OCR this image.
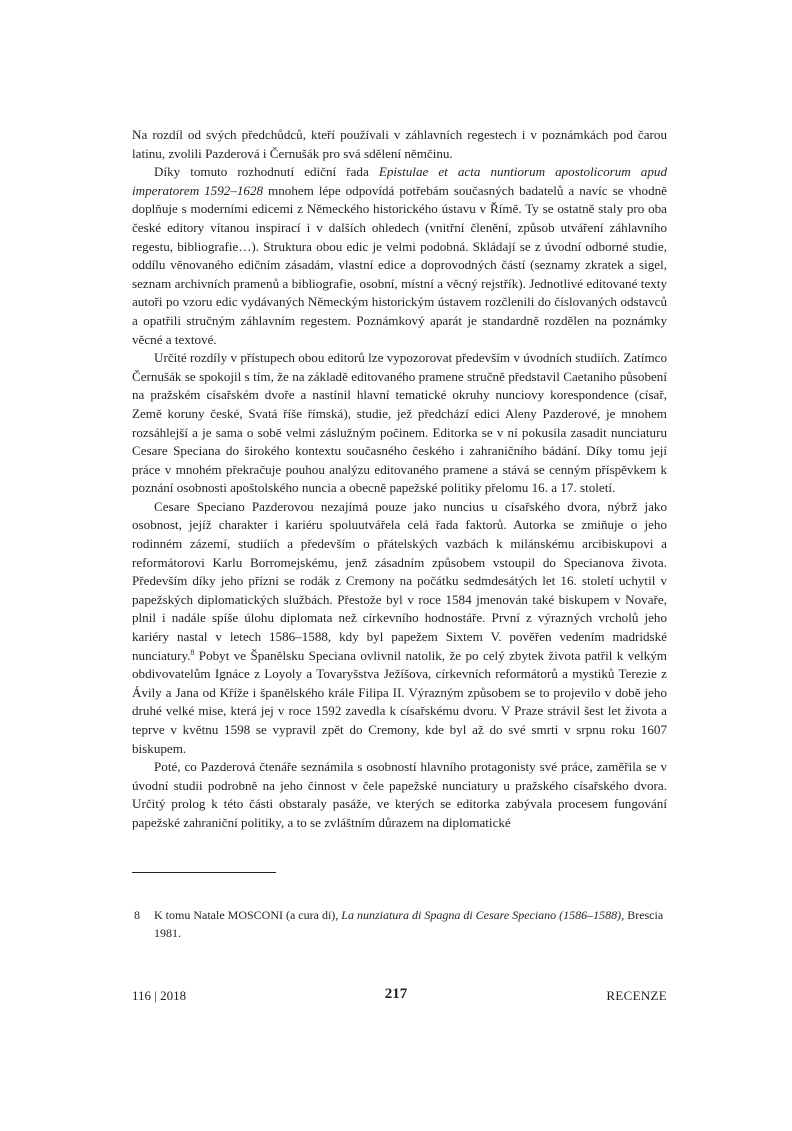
Na rozdíl od svých předchůdců, kteří používali v záhlavních regestech i v poznámkách pod čarou latinu, zvolili Pazderová i Černušák pro svá sdělení němčinu.

Díky tomuto rozhodnutí ediční řada Epistulae et acta nuntiorum apostolicorum apud imperatorem 1592–1628 mnohem lépe odpovídá potřebám současných badatelů a navíc se vhodně doplňuje s moderními edicemi z Německého historického ústavu v Římě. Ty se ostatně staly pro oba české editory vítanou inspirací i v dalších ohledech (vnitřní členění, způsob utváření záhlavního regestu, bibliografie…). Struktura obou edic je velmi podobná. Skládají se z úvodní odborné studie, oddílu věnovaného edičním zásadám, vlastní edice a doprovodných částí (seznamy zkratek a sigel, seznam archivních pramenů a bibliografie, osobní, místní a věcný rejstřík). Jednotlivé editované texty autoři po vzoru edic vydávaných Německým historickým ústavem rozčlenili do číslovaných odstavců a opatřili stručným záhlavním regestem. Poznámkový aparát je standardně rozdělen na poznámky věcné a textové.

Určité rozdíly v přístupech obou editorů lze vypozorovat především v úvodních studiích. Zatímco Černušák se spokojil s tím, že na základě editovaného pramene stručně představil Caetaniho působení na pražském císařském dvoře a nastínil hlavní tematické okruhy nunciovy korespondence (císař, Země koruny české, Svatá říše římská), studie, jež předchází edici Aleny Pazderové, je mnohem rozsáhlejší a je sama o sobě velmi záslužným počinem. Editorka se v ní pokusila zasadit nunciaturu Cesare Speciana do širokého kontextu současného českého i zahraničního bádání. Díky tomu její práce v mnohém překračuje pouhou analýzu editovaného pramene a stává se cenným příspěvkem k poznání osobnosti apoštolského nuncia a obecně papežské politiky přelomu 16. a 17. století.

Cesare Speciano Pazderovou nezajímá pouze jako nuncius u císařského dvora, nýbrž jako osobnost, jejíž charakter i kariéru spoluutvářela celá řada faktorů. Autorka se zmiňuje o jeho rodinném zázemí, studiích a především o přátelských vazbách k milánskému arcibiskupovi a reformátorovi Karlu Borromejskému, jenž zásadním způsobem vstoupil do Specianova života. Především díky jeho přízni se rodák z Cremony na počátku sedmdesátých let 16. století uchytil v papežských diplomatických službách. Přestože byl v roce 1584 jmenován také biskupem v Novaře, plnil i nadále spíše úlohu diplomata než církevního hodnostáře. První z výrazných vrcholů jeho kariéry nastal v letech 1586–1588, kdy byl papežem Sixtem V. pověřen vedením madridské nunciatury.$^8$ Pobyt ve Španělsku Speciana ovlivnil natolik, že po celý zbytek života patřil k velkým obdivovatelům Ignáce z Loyoly a Tovaryšstva Ježíšova, církevních reformátorů a mystiků Terezie z Ávily a Jana od Kříže i španělského krále Filipa II. Výrazným způsobem se to projevilo v době jeho druhé velké mise, která jej v roce 1592 zavedla k císařskému dvoru. V Praze strávil šest let života a teprve v květnu 1598 se vypravil zpět do Cremony, kde byl až do své smrti v srpnu roku 1607 biskupem.

Poté, co Pazderová čtenáře seznámila s osobností hlavního protagonisty své práce, zaměřila se v úvodní studii podrobně na jeho činnost v čele papežské nunciatury u pražského císařského dvora. Určitý prolog k této části obstaraly pasáže, ve kterých se editorka zabývala procesem fungování papežské zahraniční politiky, a to se zvláštním důrazem na diplomatické

8 K tomu Natale MOSCONI (a cura di), La nunziatura di Spagna di Cesare Speciano (1586–1588), Brescia 1981.
116 | 2018	217	RECENZE
